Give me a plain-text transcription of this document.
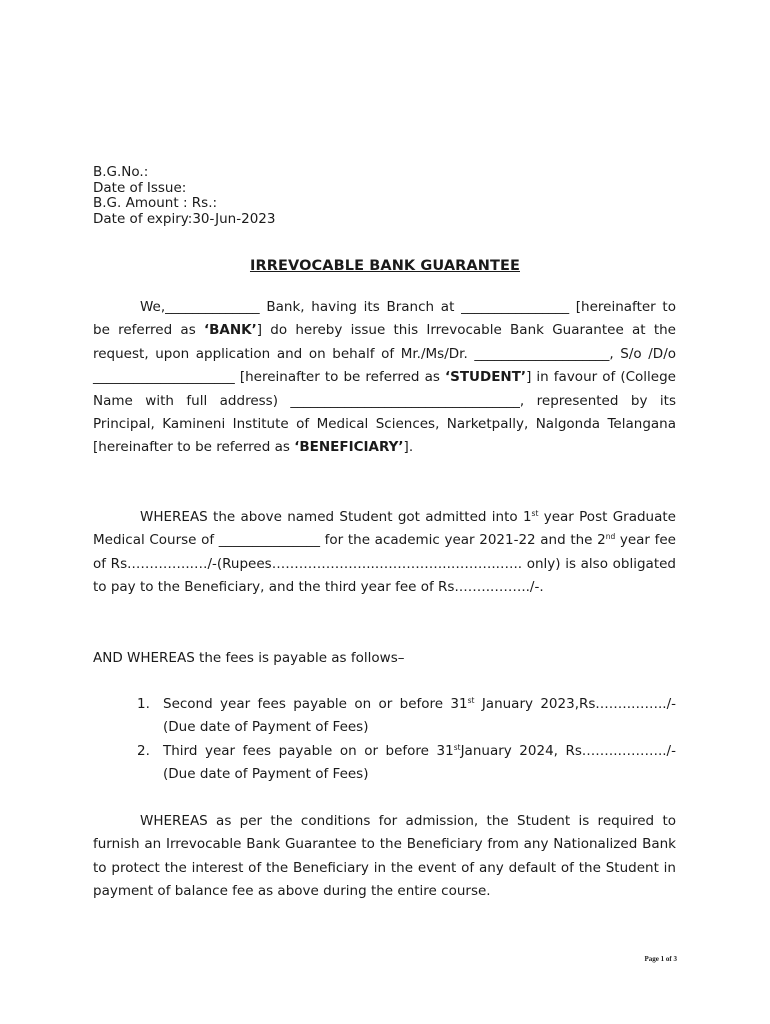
B.G.No.:
Date of Issue:
B.G. Amount : Rs.:
Date of expiry:30-Jun-2023
IRREVOCABLE BANK GUARANTEE

We,______________ Bank, having its Branch at ________________ [hereinafter to be referred as ‘BANK’] do hereby issue this Irrevocable Bank Guarantee at the request, upon application and on behalf of Mr./Ms/Dr. ____________________, S/o /D/o _____________________ [hereinafter to be referred as ‘STUDENT’] in favour of (College Name with full address) __________________________________, represented by its Principal, Kamineni Institute of Medical Sciences, Narketpally, Nalgonda Telangana [hereinafter to be referred as ‘BENEFICIARY’].

WHEREAS the above named Student got admitted into 1st year Post Graduate Medical Course of _______________ for the academic year 2021-22 and the 2nd year fee of Rs.…………..…/-(Rupees…………………..……………..………..….. only) is also obligated to pay to the Beneficiary, and the third year fee of Rs.……..……../-.

AND WHEREAS the fees is payable as follows–

1. Second year fees payable on or before 31st January 2023,Rs.…….……../- (Due date of Payment of Fees)
2. Third year fees payable on or before 31stJanuary 2024, Rs.…….………../-(Due date of Payment of Fees)

WHEREAS as per the conditions for admission, the Student is required to furnish an Irrevocable Bank Guarantee to the Beneficiary from any Nationalized Bank to protect the interest of the Beneficiary in the event of any default of the Student in payment of balance fee as above during the entire course.

Page 1 of 3
